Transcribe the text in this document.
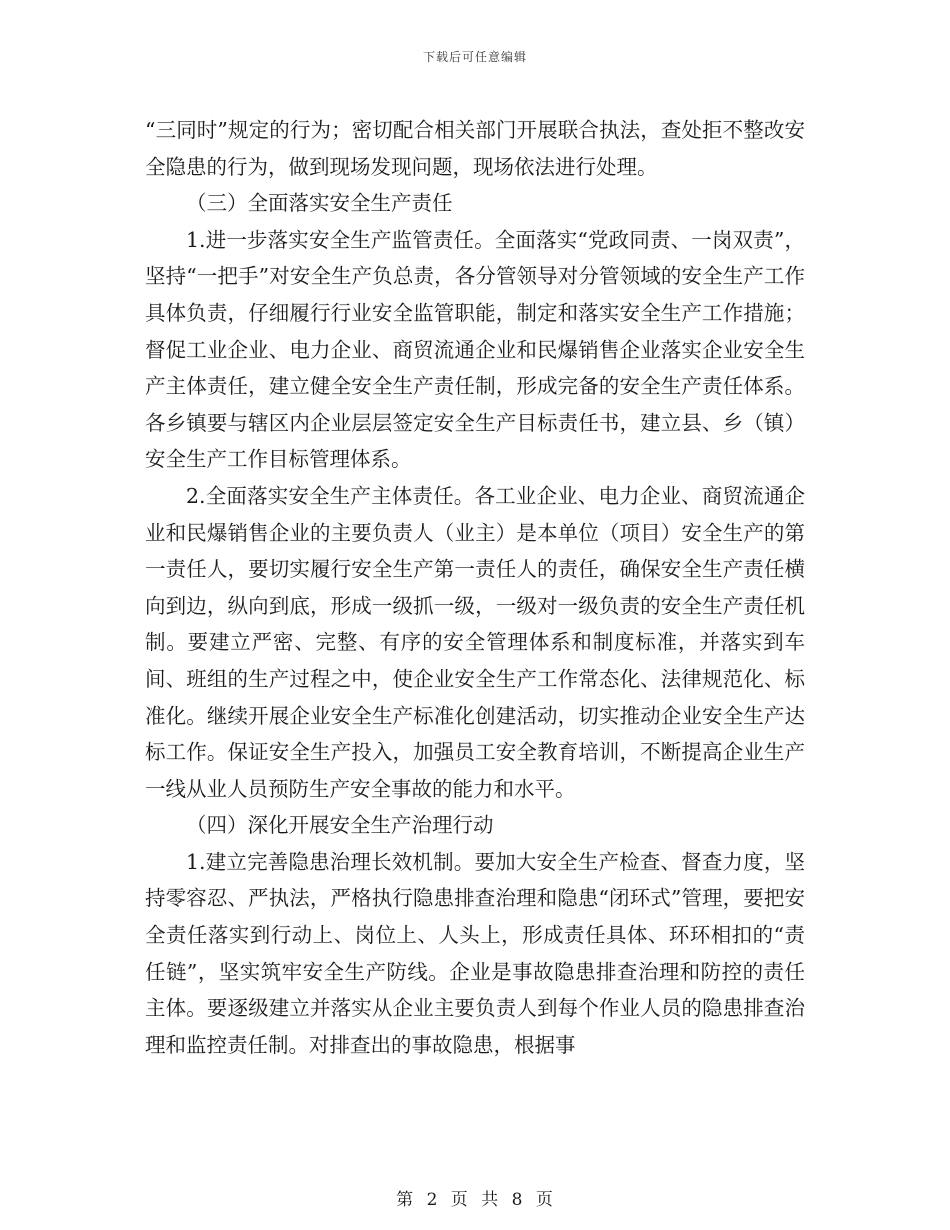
下载后可任意编辑

“三同时”规定的行为；密切配合相关部门开展联合执法，查处拒不整改安全隐患的行为，做到现场发现问题，现场依法进行处理。

（三）全面落实安全生产责任

1.进一步落实安全生产监管责任。全面落实“党政同责、一岗双责”，坚持“一把手”对安全生产负总责，各分管领导对分管领域的安全生产工作具体负责，仔细履行行业安全监管职能，制定和落实安全生产工作措施；督促工业企业、电力企业、商贸流通企业和民爆销售企业落实企业安全生产主体责任，建立健全安全生产责任制，形成完备的安全生产责任体系。各乡镇要与辖区内企业层层签定安全生产目标责任书，建立县、乡（镇）安全生产工作目标管理体系。

2.全面落实安全生产主体责任。各工业企业、电力企业、商贸流通企业和民爆销售企业的主要负责人（业主）是本单位（项目）安全生产的第一责任人，要切实履行安全生产第一责任人的责任，确保安全生产责任横向到边，纵向到底，形成一级抓一级，一级对一级负责的安全生产责任机制。要建立严密、完整、有序的安全管理体系和制度标准，并落实到车间、班组的生产过程之中，使企业安全生产工作常态化、法律规范化、标准化。继续开展企业安全生产标准化创建活动，切实推动企业安全生产达标工作。保证安全生产投入，加强员工安全教育培训，不断提高企业生产一线从业人员预防生产安全事故的能力和水平。

（四）深化开展安全生产治理行动

1.建立完善隐患治理长效机制。要加大安全生产检查、督查力度，坚持零容忍、严执法，严格执行隐患排查治理和隐患“闭环式”管理，要把安全责任落实到行动上、岗位上、人头上，形成责任具体、环环相扣的“责任链”，坚实筑牢安全生产防线。企业是事故隐患排查治理和防控的责任主体。要逐级建立并落实从企业主要负责人到每个作业人员的隐患排查治理和监控责任制。对排查出的事故隐患，根据事

第 2 页 共 8 页
